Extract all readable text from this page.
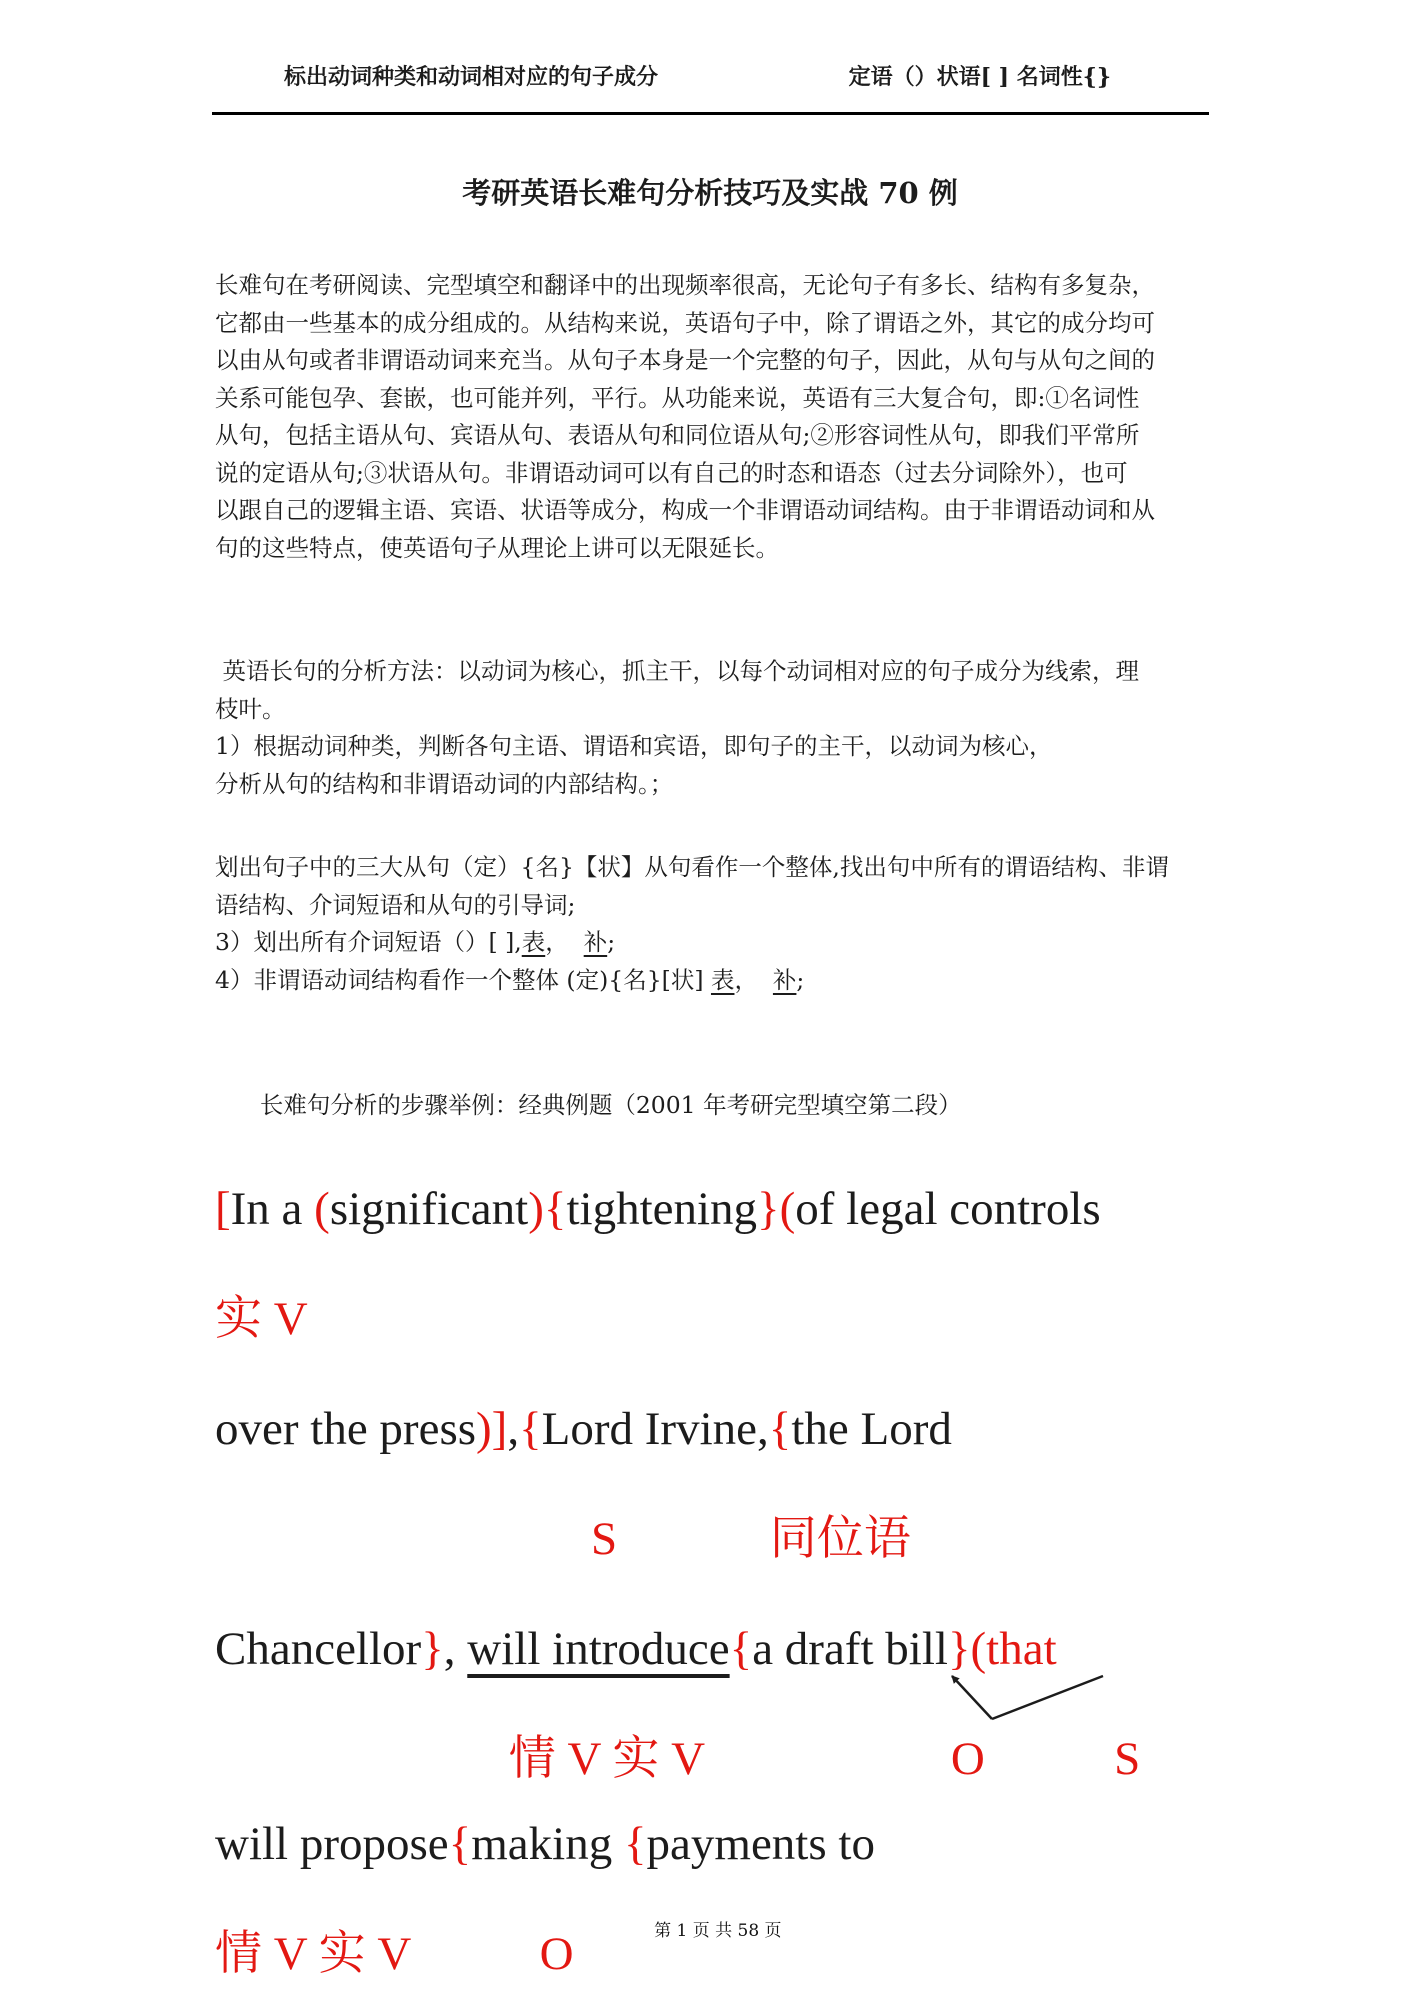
标出动词种类和动词相对应的句子成分	定语（）状语[ ] 名词性{}
考研英语长难句分析技巧及实战 70 例
长难句在考研阅读、完型填空和翻译中的出现频率很高，无论句子有多长、结构有多复杂，
它都由一些基本的成分组成的。从结构来说，英语句子中，除了谓语之外，其它的成分均可
以由从句或者非谓语动词来充当。从句子本身是一个完整的句子，因此，从句与从句之间的
关系可能包孕、套嵌，也可能并列，平行。从功能来说，英语有三大复合句，即:①名词性
从句，包括主语从句、宾语从句、表语从句和同位语从句;②形容词性从句，即我们平常所
说的定语从句;③状语从句。非谓语动词可以有自己的时态和语态（过去分词除外），也可
以跟自己的逻辑主语、宾语、状语等成分，构成一个非谓语动词结构。由于非谓语动词和从
句的这些特点，使英语句子从理论上讲可以无限延长。
英语长句的分析方法：以动词为核心，抓主干，以每个动词相对应的句子成分为线索，理
枝叶。
1）根据动词种类，判断各句主语、谓语和宾语，即句子的主干，以动词为核心，
分析从句的结构和非谓语动词的内部结构。；
划出句子中的三大从句（定）{名}【状】从句看作一个整体,找出句中所有的谓语结构、非谓
语结构、介词短语和从句的引导词;
3）划出所有介词短语（）[ ],表，  补;
4）非谓语动词结构看作一个整体 (定){名}[状] 表，  补;

长难句分析的步骤举例：经典例题（2001 年考研完型填空第二段）

[In a (significant){tightening}(of legal controls
实 V
over the press)],{Lord Irvine,{the Lord
S             同位语
Chancellor}, will introduce{a draft bill}(that
情 V 实 V                     O           S
will propose{making {payments to
情 V 实 V           O	第 1 页 共 58 页
